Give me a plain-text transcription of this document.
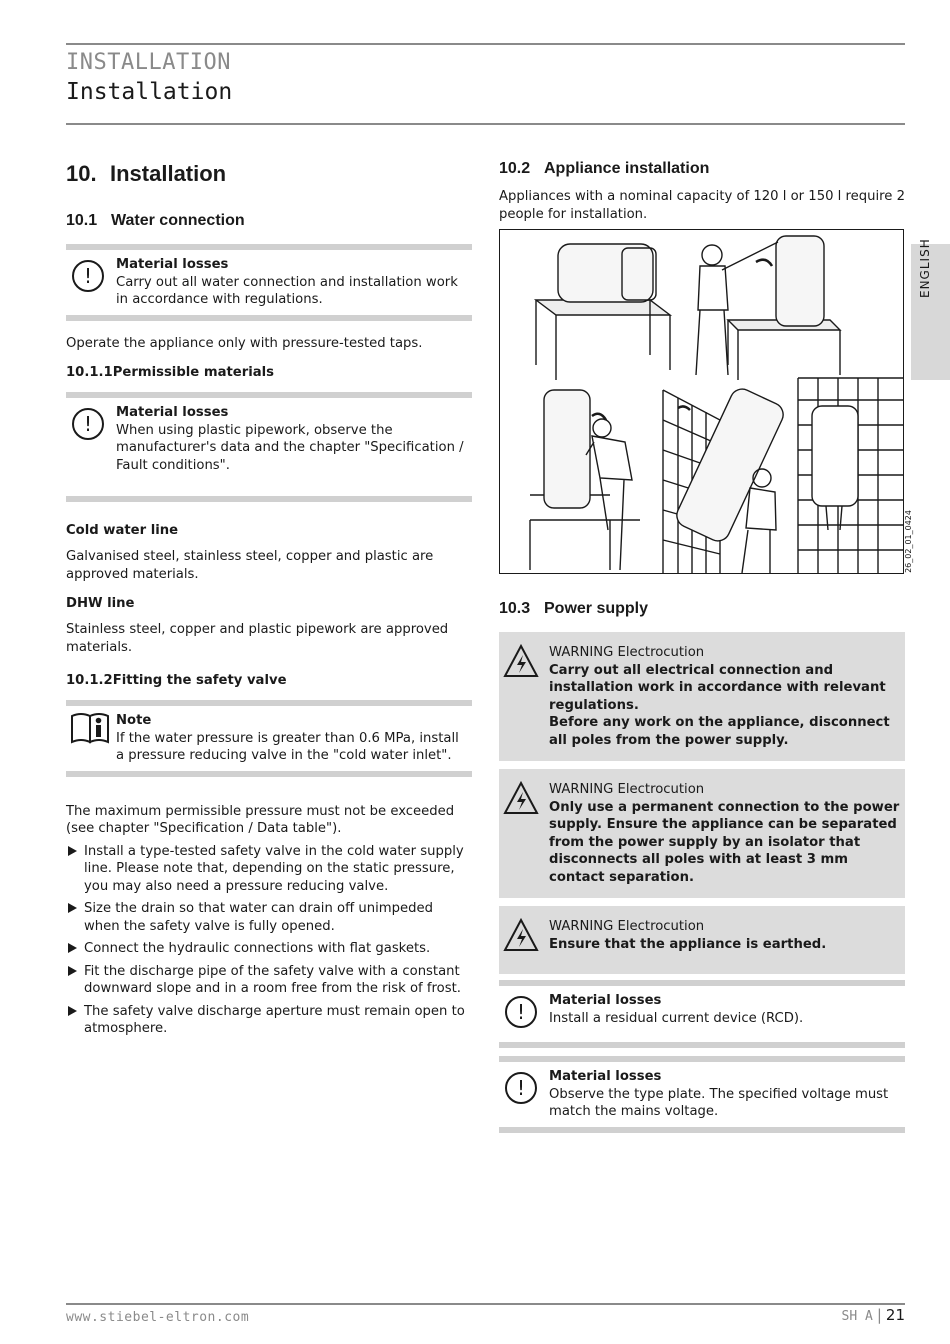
INSTALLATION
Installation
ENGLISH
10. Installation
10.1 Water connection
!	Material losses
Carry out all water connection and installation work in accordance with regulations.

Operate the appliance only with pressure-tested taps.

10.1.1Permissible materials
!	Material losses
When using plastic pipework, observe the manufacturer's data and the chapter "Specification / Fault conditions".
Cold water line

Galvanised steel, stainless steel, copper and plastic are approved materials.

DHW line

Stainless steel, copper and plastic pipework are approved materials.

10.1.2Fitting the safety valve
Note
If the water pressure is greater than 0.6 MPa, install a pressure reducing valve in the "cold water inlet".

The maximum permissible pressure must not be exceeded (see chapter "Specification / Data table").

Install a type-tested safety valve in the cold water supply line. Please note that, depending on the static pressure, you may also need a pressure reducing valve.
Size the drain so that water can drain off unimpeded when the safety valve is fully opened.
Connect the hydraulic connections with flat gaskets.
Fit the discharge pipe of the safety valve with a constant downward slope and in a room free from the risk of frost.
The safety valve discharge aperture must remain open to atmosphere.
10.2 Appliance installation

Appliances with a nominal capacity of 120 l or 150 l require 2 people for installation.

26_02_01_0424
10.3 Power supply
WARNING Electrocution
Carry out all electrical connection and installation work in accordance with relevant regulations.
Before any work on the appliance, disconnect all poles from the power supply.
WARNING Electrocution
Only use a permanent connection to the power supply. Ensure the appliance can be separated from the power supply by an isolator that disconnects all poles with at least 3 mm contact separation.
WARNING Electrocution
Ensure that the appliance is earthed.
!	Material losses
Install a residual current device (RCD).
!	Material losses
Observe the type plate. The specified voltage must match the mains voltage.
www.stiebel-eltron.com	SH A | 21
